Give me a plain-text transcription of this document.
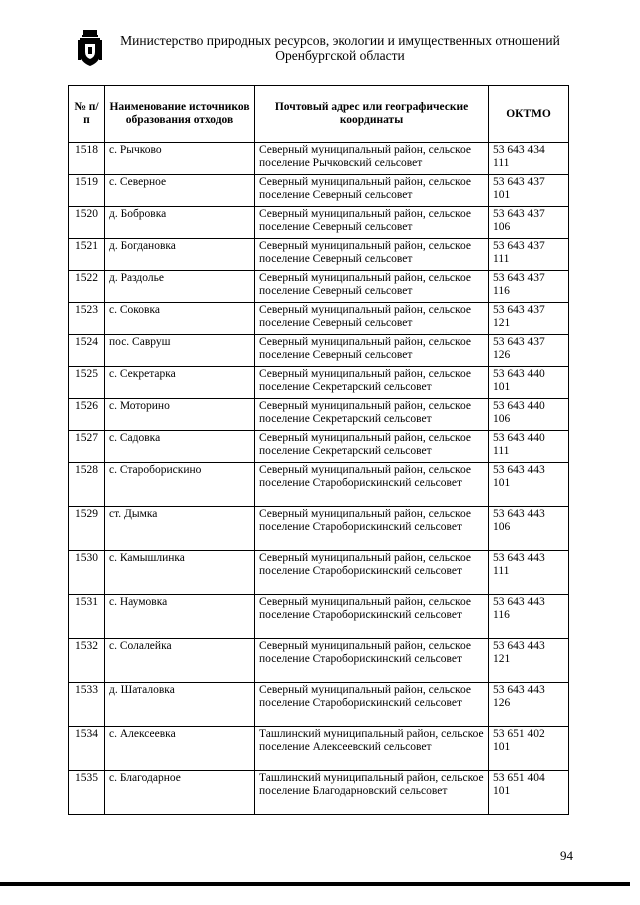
Министерство природных ресурсов, экологии и имущественных отношений
Оренбургской области
№ п/п	Наименование источников образования отходов	Почтовый адрес или географические координаты	ОКТМО
1518	с. Рычково	Северный муниципальный район, сельское поселение Рычковский сельсовет	53 643 434 111
1519	с. Северное	Северный муниципальный район, сельское поселение Северный сельсовет	53 643 437 101
1520	д. Бобровка	Северный муниципальный район, сельское поселение Северный сельсовет	53 643 437 106
1521	д. Богдановка	Северный муниципальный район, сельское поселение Северный сельсовет	53 643 437 111
1522	д. Раздолье	Северный муниципальный район, сельское поселение Северный сельсовет	53 643 437 116
1523	с. Соковка	Северный муниципальный район, сельское поселение Северный сельсовет	53 643 437 121
1524	пос. Савруш	Северный муниципальный район, сельское поселение Северный сельсовет	53 643 437 126
1525	с. Секретарка	Северный муниципальный район, сельское поселение Секретарский сельсовет	53 643 440 101
1526	с. Моторино	Северный муниципальный район, сельское поселение Секретарский сельсовет	53 643 440 106
1527	с. Садовка	Северный муниципальный район, сельское поселение Секретарский сельсовет	53 643 440 111
1528	с. Староборискино	Северный муниципальный район, сельское поселение Староборискинский сельсовет	53 643 443 101
1529	ст. Дымка	Северный муниципальный район, сельское поселение Староборискинский сельсовет	53 643 443 106
1530	с. Камышлинка	Северный муниципальный район, сельское поселение Староборискинский сельсовет	53 643 443 111
1531	с. Наумовка	Северный муниципальный район, сельское поселение Староборискинский сельсовет	53 643 443 116
1532	с. Солалейка	Северный муниципальный район, сельское поселение Староборискинский сельсовет	53 643 443 121
1533	д. Шаталовка	Северный муниципальный район, сельское поселение Староборискинский сельсовет	53 643 443 126
1534	с. Алексеевка	Ташлинский муниципальный район, сельское поселение Алексеевский сельсовет	53 651 402 101
1535	с. Благодарное	Ташлинский муниципальный район, сельское поселение Благодарновский сельсовет	53 651 404 101
94
